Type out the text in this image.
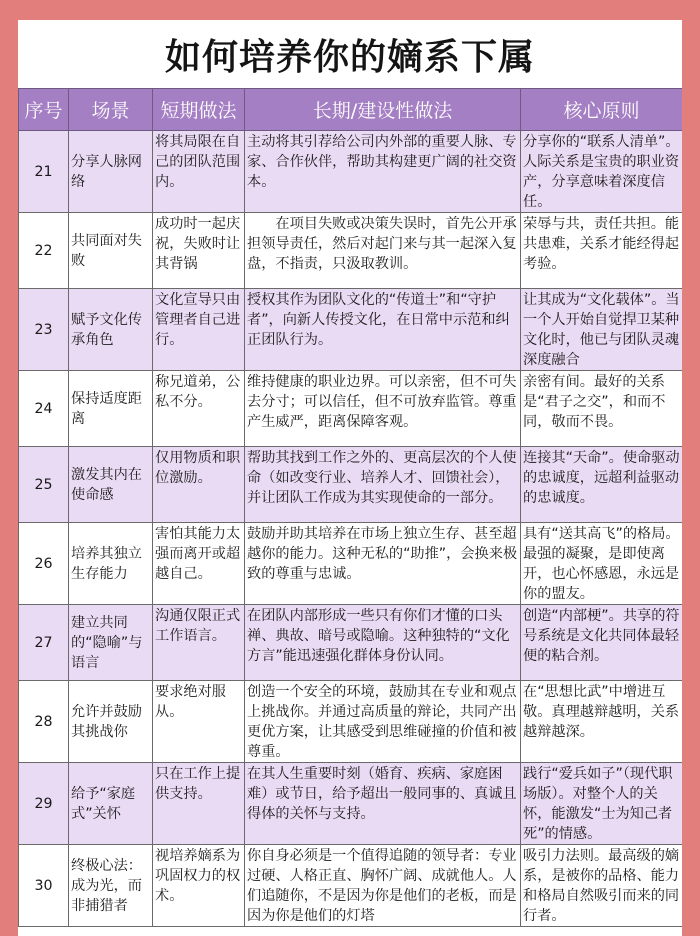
如何培养你的嫡系下属
序号	场景	短期做法	长期/建设性做法	核心原则
21	分享人脉网络	将其局限在自己的团队范围内。	主动将其引荐给公司内外部的重要人脉、专家、合作伙伴，帮助其构建更广阔的社交资本。	分享你的“联系人清单”。人际关系是宝贵的职业资产，分享意味着深度信任。
22	共同面对失败	成功时一起庆祝，失败时让其背锅	在项目失败或决策失误时，首先公开承担领导责任，然后对起门来与其一起深入复盘，不指责，只汲取教训。	荣辱与共，责任共担。能共患难，关系才能经得起考验。
23	赋予文化传承角色	文化宣导只由管理者自己进行。	授权其作为团队文化的“传道士”和“守护者”，向新人传授文化，在日常中示范和纠正团队行为。	让其成为“文化载体”。当一个人开始自觉捍卫某种文化时，他已与团队灵魂深度融合
24	保持适度距离	称兄道弟，公私不分。	维持健康的职业边界。可以亲密，但不可失去分寸；可以信任，但不可放弃监管。尊重产生威严，距离保障客观。	亲密有间。最好的关系是“君子之交”，和而不同，敬而不畏。
25	激发其内在使命感	仅用物质和职位激励。	帮助其找到工作之外的、更高层次的个人使命（如改变行业、培养人才、回馈社会），并让团队工作成为其实现使命的一部分。	连接其“天命”。使命驱动的忠诚度，远超利益驱动的忠诚度。
26	培养其独立生存能力	害怕其能力太强而离开或超越自己。	鼓励并助其培养在市场上独立生存、甚至超越你的能力。这种无私的“助推”，会换来极致的尊重与忠诚。	具有“送其高飞”的格局。最强的凝聚，是即使离开，也心怀感恩，永远是你的盟友。
27	建立共同的“隐喻”与语言	沟通仅限正式工作语言。	在团队内部形成一些只有你们才懂的口头禅、典故、暗号或隐喻。这种独特的“文化方言”能迅速强化群体身份认同。	创造“内部梗”。共享的符号系统是文化共同体最轻便的粘合剂。
28	允许并鼓励其挑战你	要求绝对服从。	创造一个安全的环境，鼓励其在专业和观点上挑战你。并通过高质量的辩论，共同产出更优方案，让其感受到思维碰撞的价值和被尊重。	在“思想比武”中增进互敬。真理越辩越明，关系越辩越深。
29	给予“家庭式”关怀	只在工作上提供支持。	在其人生重要时刻（婚育、疾病、家庭困难）或节日，给予超出一般同事的、真诚且得体的关怀与支持。	践行“爱兵如子”（现代职场版）。对整个人的关怀，能激发“士为知己者死”的情感。
30	终极心法：成为光，而非捕猎者	视培养嫡系为巩固权力的权术。	你自身必须是一个值得追随的领导者：专业过硬、人格正直、胸怀广阔、成就他人。人们追随你，不是因为你是他们的老板，而是因为你是他们的灯塔	吸引力法则。最高级的嫡系，是被你的品格、能力和格局自然吸引而来的同行者。
